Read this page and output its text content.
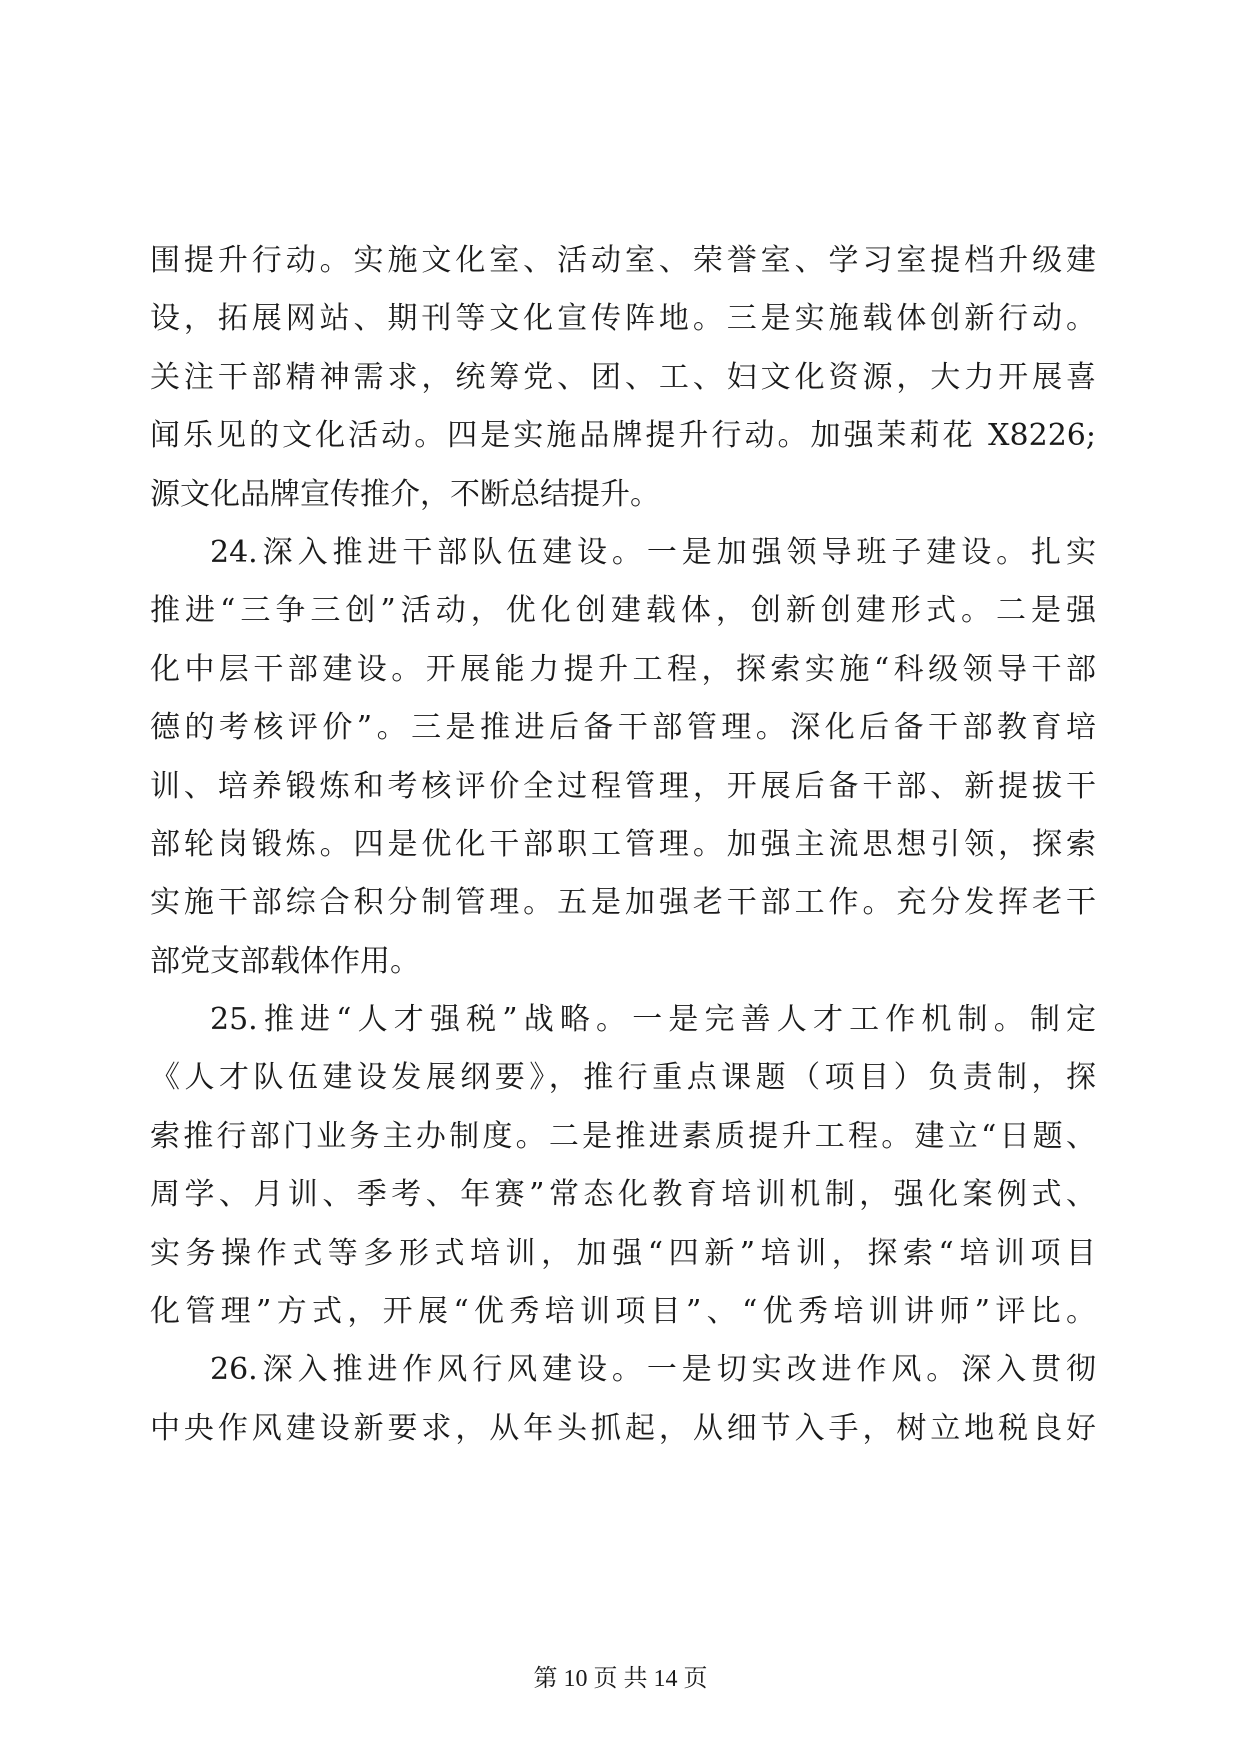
围提升行动。实施文化室、活动室、荣誉室、学习室提档升级建
设，拓展网站、期刊等文化宣传阵地。三是实施载体创新行动。
关注干部精神需求，统筹党、团、工、妇文化资源，大力开展喜
闻乐见的文化活动。四是实施品牌提升行动。加强茉莉花 X8226;
源文化品牌宣传推介，不断总结提升。
24.深入推进干部队伍建设。一是加强领导班子建设。扎实
推进“三争三创”活动，优化创建载体，创新创建形式。二是强
化中层干部建设。开展能力提升工程，探索实施“科级领导干部
德的考核评价”。三是推进后备干部管理。深化后备干部教育培
训、培养锻炼和考核评价全过程管理，开展后备干部、新提拔干
部轮岗锻炼。四是优化干部职工管理。加强主流思想引领，探索
实施干部综合积分制管理。五是加强老干部工作。充分发挥老干
部党支部载体作用。
25.推进“人才强税”战略。一是完善人才工作机制。制定
《人才队伍建设发展纲要》，推行重点课题（项目）负责制，探
索推行部门业务主办制度。二是推进素质提升工程。建立“日题、
周学、月训、季考、年赛”常态化教育培训机制，强化案例式、
实务操作式等多形式培训，加强“四新”培训，探索“培训项目
化管理”方式，开展“优秀培训项目”、“优秀培训讲师”评比。
26.深入推进作风行风建设。一是切实改进作风。深入贯彻
中央作风建设新要求，从年头抓起，从细节入手，树立地税良好
第 10 页 共 14 页
